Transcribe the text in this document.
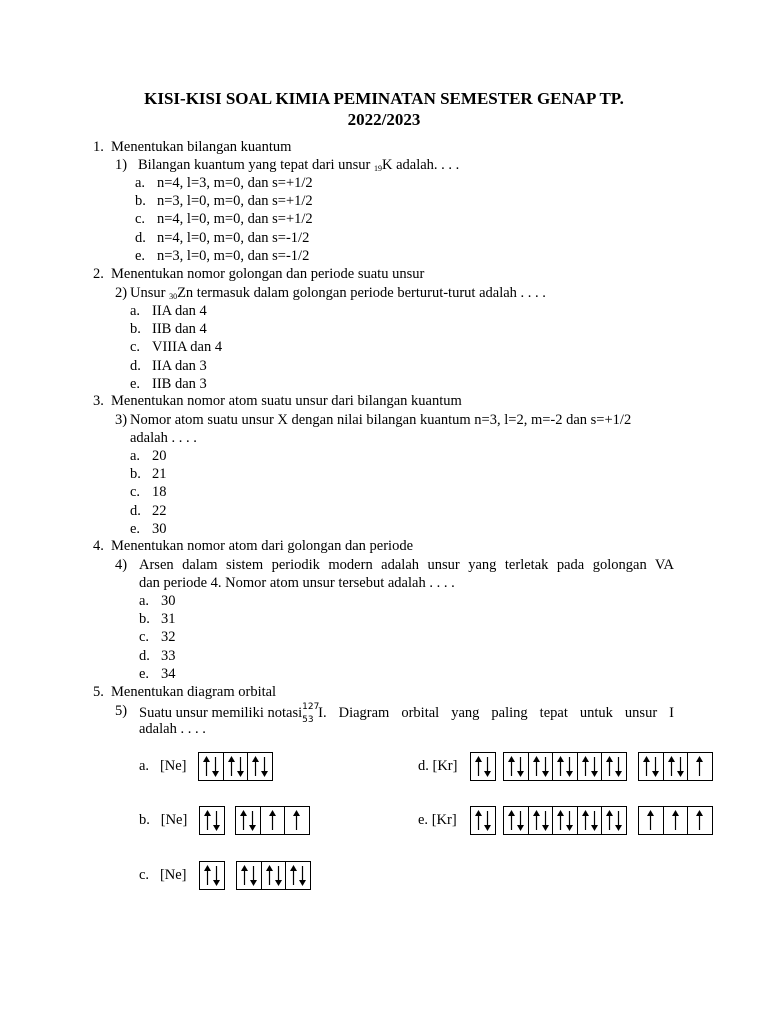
KISI-KISI SOAL KIMIA PEMINATAN SEMESTER GENAP TP.
2022/2023
1. Menentukan bilangan kuantum
1) Bilangan kuantum yang tepat dari unsur $_{19}$K adalah. . . .
a. n=4, l=3, m=0, dan s=+1/2
b. n=3, l=0, m=0, dan s=+1/2
c. n=4, l=0, m=0, dan s=+1/2
d. n=4, l=0, m=0, dan s=-1/2
e. n=3, l=0, m=0, dan s=-1/2
2. Menentukan nomor golongan dan periode suatu unsur
2) Unsur $_{30}$Zn termasuk dalam golongan periode berturut-turut adalah . . . .
a. IIA dan 4
b. IIB dan 4
c. VIIIA dan 4
d. IIA dan 3
e. IIB dan 3
3. Menentukan nomor atom suatu unsur dari bilangan kuantum
3) Nomor atom suatu unsur X dengan nilai bilangan kuantum n=3, l=2, m=-2 dan s=+1/2
adalah . . . .
a. 20
b. 21
c. 18
d. 22
e. 30
4. Menentukan nomor atom dari golongan dan periode
4) Arsen dalam sistem periodik modern adalah unsur yang terletak pada golongan VA
dan periode 4. Nomor atom unsur tersebut adalah . . . .
a. 30
b. 31
c. 32
d. 33
e. 34
5. Menentukan diagram orbital
5) Suatu unsur memiliki notasi 127
53 I. Diagram orbital yang paling tepat untuk unsur I
adalah . . . .
a. [Ne]
b. [Ne]
c. [Ne]
d. [Kr]
e. [Kr]
